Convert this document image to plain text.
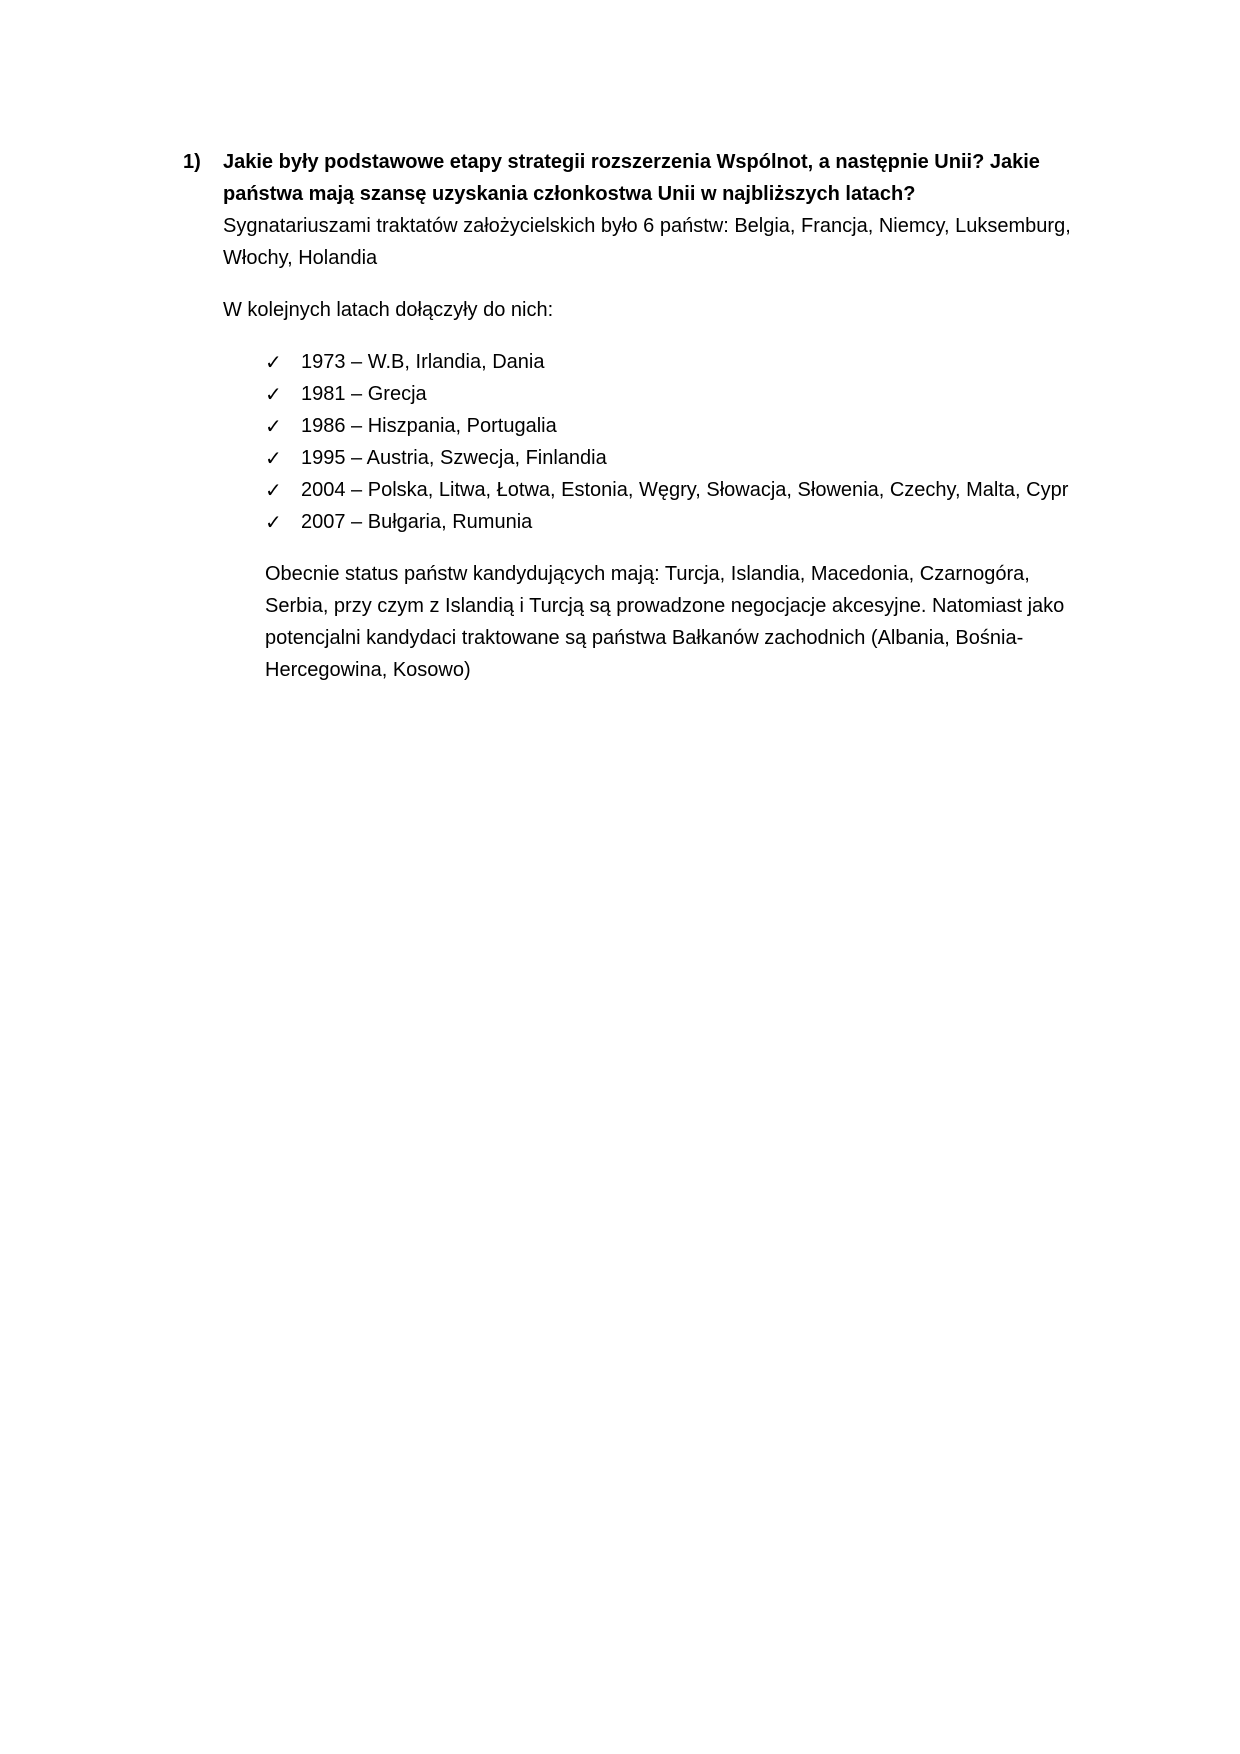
1) Jakie były podstawowe etapy strategii rozszerzenia Wspólnot, a następnie Unii? Jakie państwa mają szansę uzyskania członkostwa Unii w najbliższych latach?

Sygnatariuszami traktatów założycielskich było 6 państw: Belgia, Francja, Niemcy, Luksemburg, Włochy, Holandia

W kolejnych latach dołączyły do nich:

✓ 1973 – W.B, Irlandia, Dania
✓ 1981 – Grecja
✓ 1986 – Hiszpania, Portugalia
✓ 1995 – Austria, Szwecja, Finlandia
✓ 2004 – Polska, Litwa, Łotwa, Estonia, Węgry, Słowacja, Słowenia, Czechy, Malta, Cypr
✓ 2007 – Bułgaria, Rumunia

Obecnie status państw kandydujących mają: Turcja, Islandia, Macedonia, Czarnogóra, Serbia, przy czym z Islandią i Turcją są prowadzone negocjacje akcesyjne. Natomiast jako potencjalni kandydaci traktowane są państwa Bałkanów zachodnich (Albania, Bośnia-Hercegowina, Kosowo)
